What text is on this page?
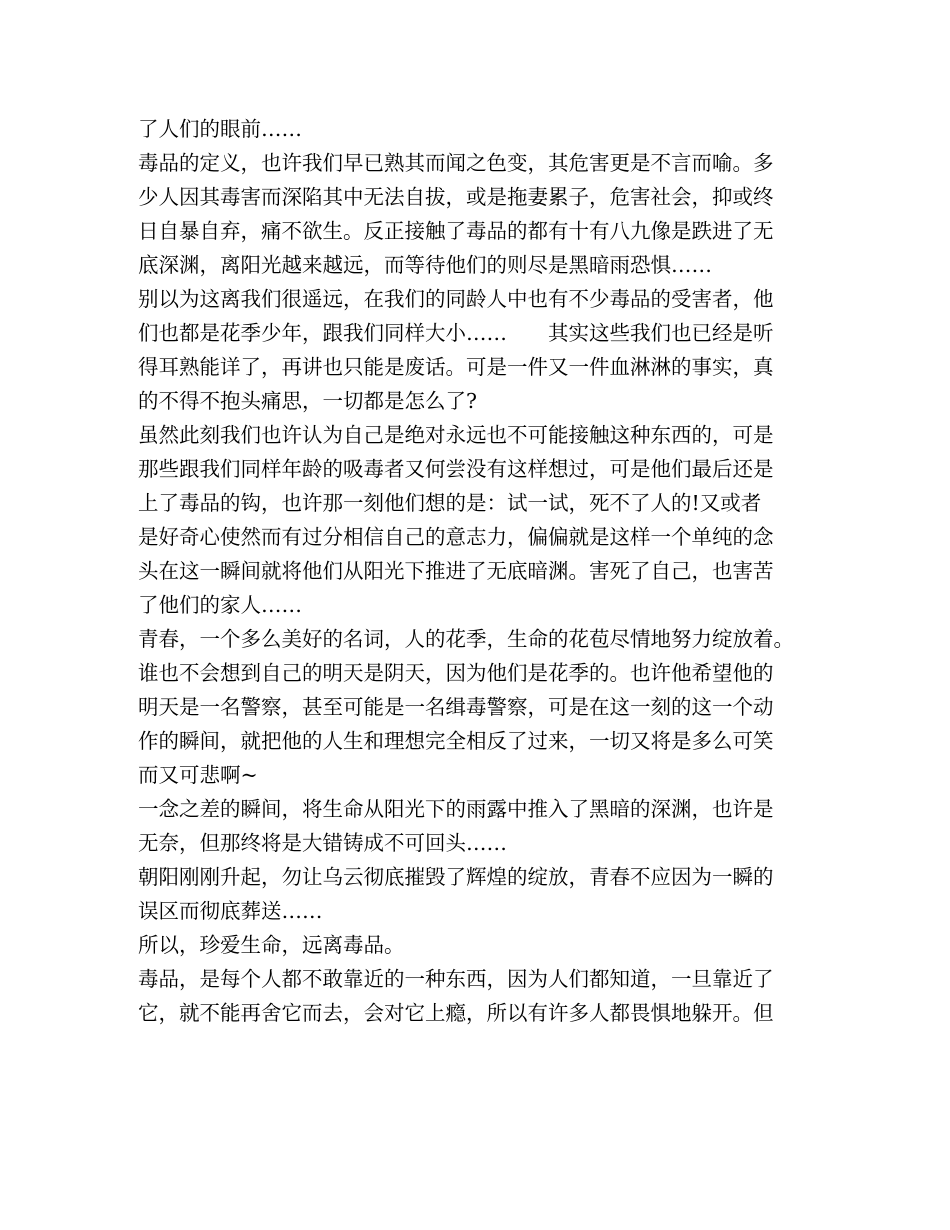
了人们的眼前……
毒品的定义，也许我们早已熟其而闻之色变，其危害更是不言而喻。多
少人因其毒害而深陷其中无法自拔，或是拖妻累子，危害社会，抑或终
日自暴自弃，痛不欲生。反正接触了毒品的都有十有八九像是跌进了无
底深渊，离阳光越来越远，而等待他们的则尽是黑暗雨恐惧……
别以为这离我们很遥远，在我们的同龄人中也有不少毒品的受害者，他
们也都是花季少年，跟我们同样大小……　　其实这些我们也已经是听
得耳熟能详了，再讲也只能是废话。可是一件又一件血淋淋的事实，真
的不得不抱头痛思，一切都是怎么了?
虽然此刻我们也许认为自己是绝对永远也不可能接触这种东西的，可是
那些跟我们同样年龄的吸毒者又何尝没有这样想过，可是他们最后还是
上了毒品的钩，也许那一刻他们想的是：试一试，死不了人的!又或者
是好奇心使然而有过分相信自己的意志力，偏偏就是这样一个单纯的念
头在这一瞬间就将他们从阳光下推进了无底暗渊。害死了自己，也害苦
了他们的家人……
青春，一个多么美好的名词，人的花季，生命的花苞尽情地努力绽放着。
谁也不会想到自己的明天是阴天，因为他们是花季的。也许他希望他的
明天是一名警察，甚至可能是一名缉毒警察，可是在这一刻的这一个动
作的瞬间，就把他的人生和理想完全相反了过来，一切又将是多么可笑
而又可悲啊~
一念之差的瞬间，将生命从阳光下的雨露中推入了黑暗的深渊，也许是
无奈，但那终将是大错铸成不可回头……
朝阳刚刚升起，勿让乌云彻底摧毁了辉煌的绽放，青春不应因为一瞬的
误区而彻底葬送……
所以，珍爱生命，远离毒品。
毒品，是每个人都不敢靠近的一种东西，因为人们都知道，一旦靠近了
它，就不能再舍它而去，会对它上瘾，所以有许多人都畏惧地躲开。但
